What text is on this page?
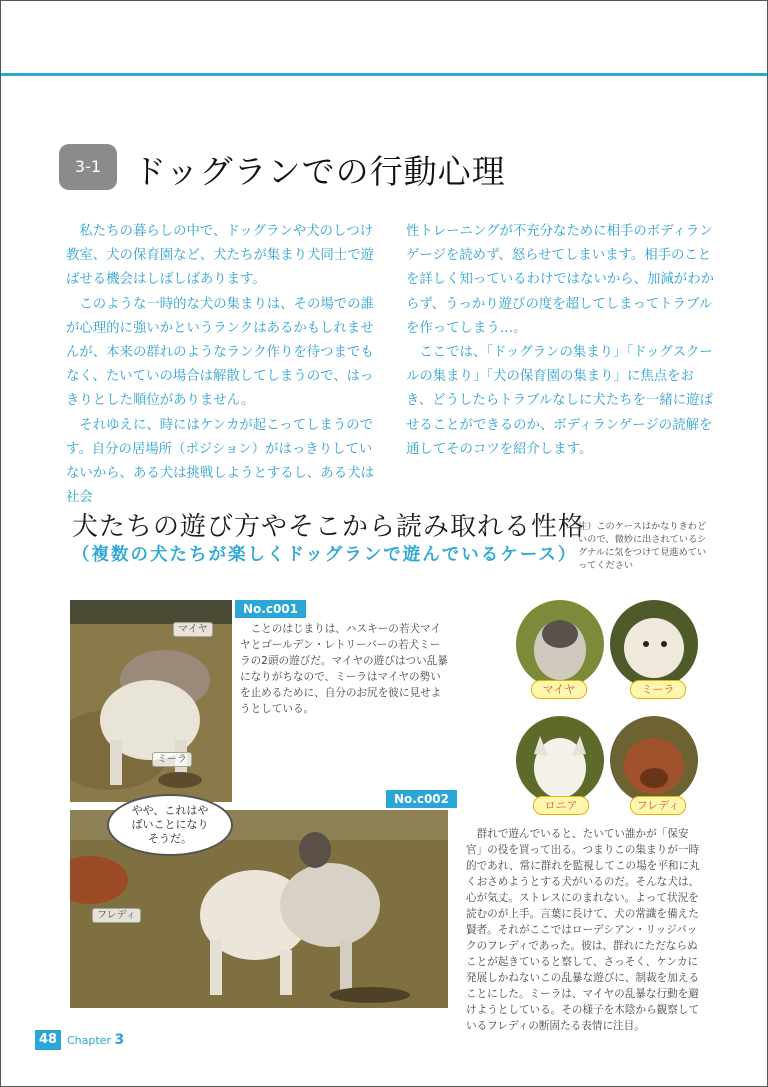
3-1 ドッグランでの行動心理

私たちの暮らしの中で、ドッグランや犬のしつけ教室、犬の保育園など、犬たちが集まり犬同士で遊ばせる機会はしばしばあります。

このような一時的な犬の集まりは、その場での誰が心理的に強いかというランクはあるかもしれませんが、本来の群れのようなランク作りを待つまでもなく、たいていの場合は解散してしまうので、はっきりとした順位がありません。

それゆえに、時にはケンカが起こってしまうのです。自分の居場所（ポジション）がはっきりしていないから、ある犬は挑戦しようとするし、ある犬は社会

性トレーニングが不充分なために相手のボディランゲージを読めず、怒らせてしまいます。相手のことを詳しく知っているわけではないから、加減がわからず、うっかり遊びの度を超してしまってトラブルを作ってしまう…。

ここでは、「ドッグランの集まり」「ドッグスクールの集まり」「犬の保育園の集まり」に焦点をおき、どうしたらトラブルなしに犬たちを一緒に遊ばせることができるのか、ボディランゲージの読解を通してそのコツを紹介します。

犬たちの遊び方やそこから読み取れる性格
（複数の犬たちが楽しくドッグランで遊んでいるケース）
注）このケースはかなりきわどいので、微妙に出されているシグナルに気をつけて見進めていってください
マイヤ
ミーラ
No.c001

ことのはじまりは、ハスキーの若犬マイヤとゴールデン・レトリーバーの若犬ミーラの2頭の遊びだ。マイヤの遊びはつい乱暴になりがちなので、ミーラはマイヤの勢いを止めるために、自分のお尻を彼に見せようとしている。

No.c002
フレディ
やや、これはやばいことになりそうだ。
マイヤ	ミーラ
ロニア	フレディ

群れで遊んでいると、たいてい誰かが「保安官」の役を買って出る。つまりこの集まりが一時的であれ、常に群れを監視してこの場を平和に丸くおさめようとする犬がいるのだ。そんな犬は、心が気丈。ストレスにのまれない。よって状況を読むのが上手。言葉に長けて、犬の常識を備えた賢者。それがここではローデシアン・リッジバックのフレディであった。彼は、群れにただならぬことが起きていると察して、さっそく、ケンカに発展しかねないこの乱暴な遊びに、制裁を加えることにした。ミーラは、マイヤの乱暴な行動を避けようとしている。その様子を木陰から観察しているフレディの断固たる表情に注目。

48 Chapter 3
